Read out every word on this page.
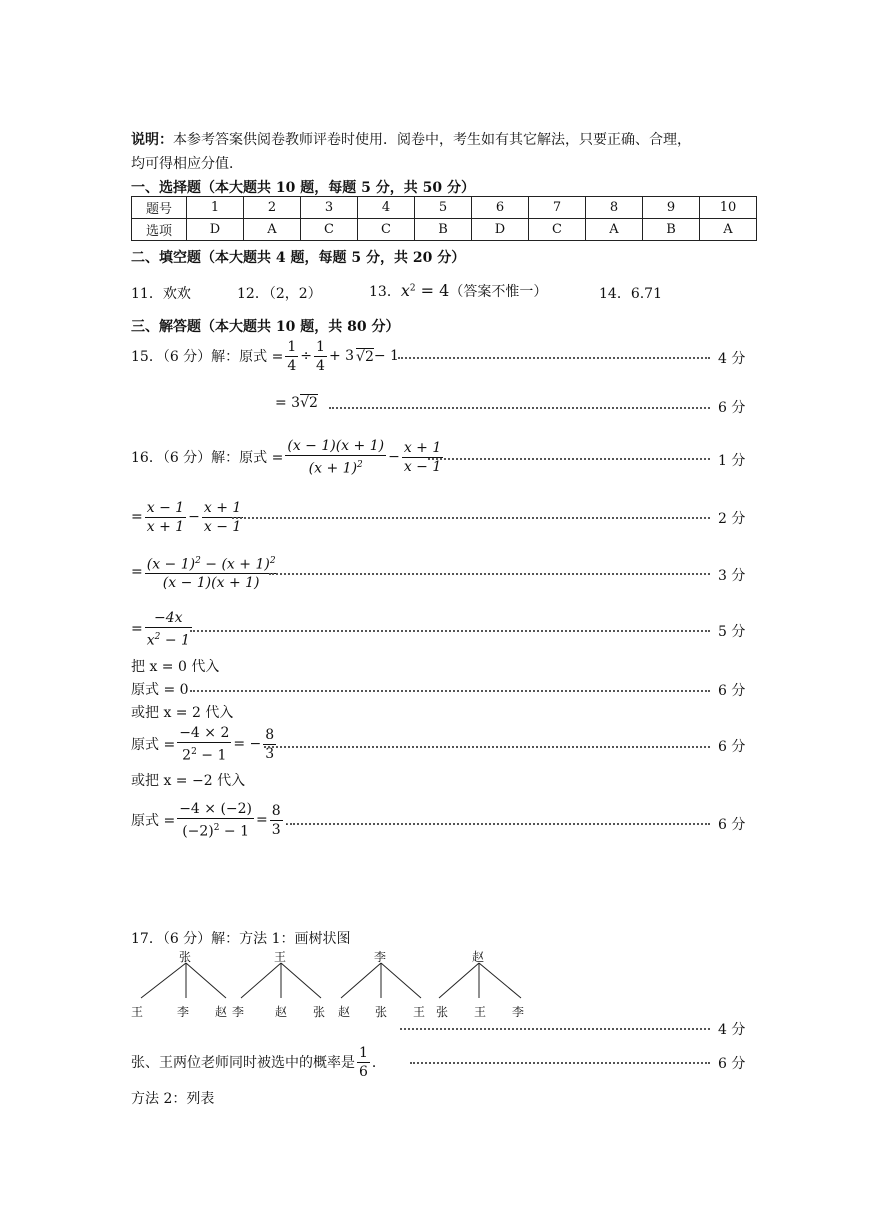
说明：本参考答案供阅卷教师评卷时使用．阅卷中，考生如有其它解法，只要正确、合理，
均可得相应分值．
一、选择题（本大题共 10 题，每题 5 分，共 50 分）
题号	1	2	3	4	5	6	7	8	9	10
选项	D	A	C	C	B	D	C	A	B	A
二、填空题（本大题共 4 题，每题 5 分，共 20 分）
11．欢欢	12．（2，2）	13．$x^2 = 4$（答案不惟一）	14．6.71
三、解答题（本大题共 10 题，共 80 分）
15．（6 分）解：原式 = $\frac{1}{4} \div \frac{1}{4} + 3$ √2 − 1	4 分
= 3√2	6 分
16．（6 分）解：原式 = $\frac{(x - 1)(x + 1)}{(x + 1)^2} - \frac{x + 1}{x - 1}$	1 分
= $\frac{x - 1}{x + 1} - \frac{x + 1}{x - 1}$	2 分
= $\frac{(x - 1)^2 - (x + 1)^2}{(x - 1)(x + 1)}$	3 分
= $\frac{-4x}{x^2 - 1}$	5 分
把 x = 0 代入
原式 = 0	6 分
或把 x = 2 代入
原式 = $\frac{-4 \times 2}{2^2 - 1}$ = − $\frac{8}{3}$	6 分
或把 x = −2 代入
原式 = $\frac{-4 \times (-2)}{(-2)^2 - 1} = \frac{8}{3}$ ．	6 分
17．（6 分）解：方法 1：画树状图
张	王	李	赵
王	李 赵 李	赵 张 赵 张 王 张 王 李
4 分
张、王两位老师同时被选中的概率是 $\frac{1}{6}$ ．	6 分
方法 2：列表
